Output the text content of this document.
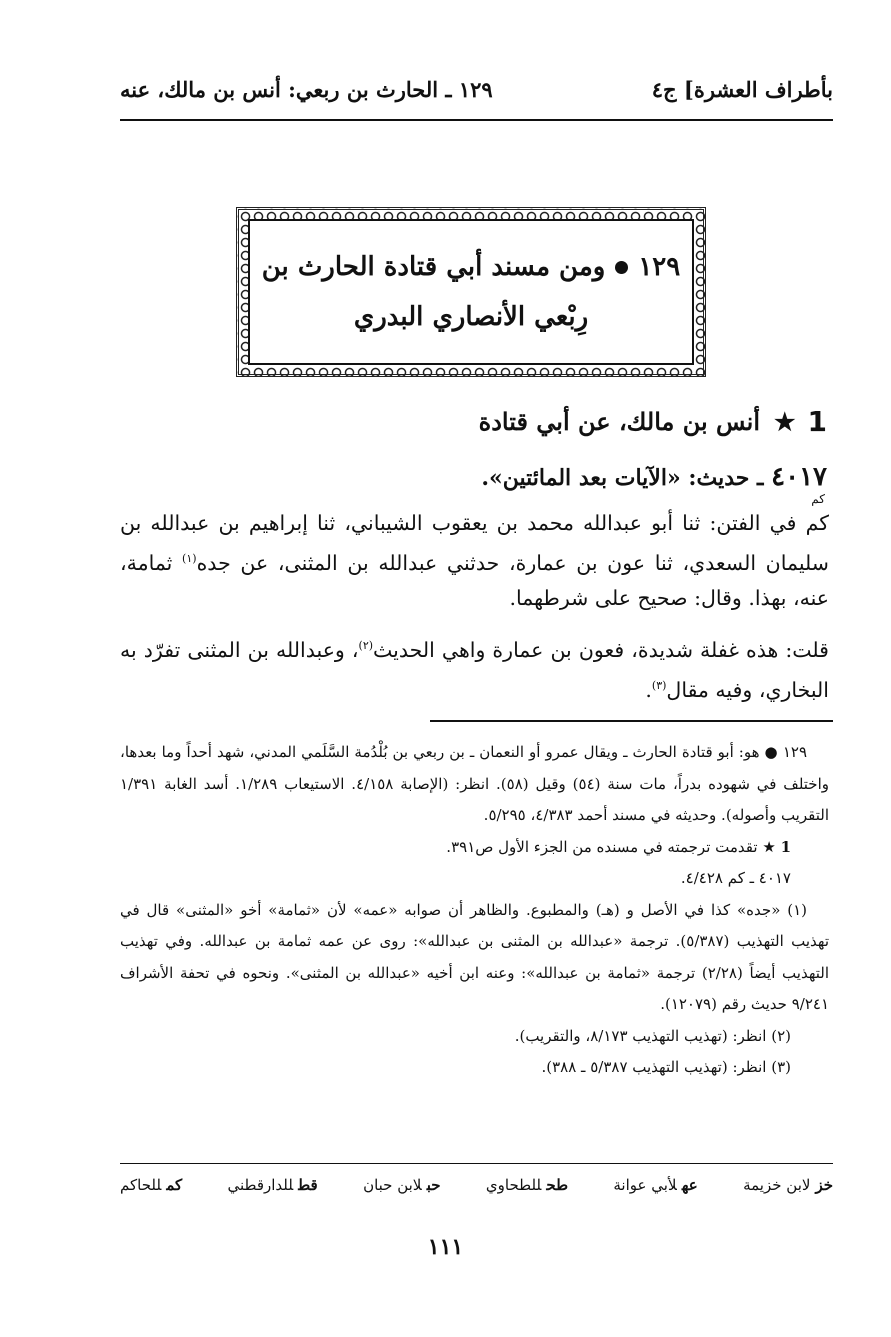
بأطراف العشرة] ج٤
١٢٩ ـ الحارث بن ربعي: أنس بن مالك، عنه
١٢٩
ومن مسند أبي قتادة الحارث بن
رِبْعي الأنصاري البدري
1
★
أنس بن مالك، عن أبي قتادة
٤٠١٧ ـ حديث: «الآيات بعد المائتين».
كم
كم في الفتن: ثنا أبو عبدالله محمد بن يعقوب الشيباني، ثنا إبراهيم بن عبدالله بن سليمان السعدي، ثنا عون بن عمارة، حدثني عبدالله بن المثنى، عن جده$^{(١)}$ ثمامة، عنه، بهذا. وقال: صحيح على شرطهما.
قلت: هذه غفلة شديدة، فعون بن عمارة واهي الحديث$^{(٢)}$، وعبدالله بن المثنى تفرّد به البخاري، وفيه مقال$^{(٣)}$.
١٢٩ ● هو: أبو قتادة الحارث ـ ويقال عمرو أو النعمان ـ بن ربعي بن بُلْدُمة السَّلَمي المدني، شهد أحداً وما بعدها، واختلف في شهوده بدراً، مات سنة (٥٤) وقيل (٥٨). انظر: (الإصابة ٤/١٥٨. الاستيعاب ١/٢٨٩. أسد الغابة ١/٣٩١ التقريب وأصوله). وحديثه في مسند أحمد ٤/٣٨٣، ٥/٢٩٥.
1 ★ تقدمت ترجمته في مسنده من الجزء الأول ص٣٩١.
٤٠١٧ ـ كم ٤/٤٢٨.
(١) «جده» كذا في الأصل و (هـ) والمطبوع. والظاهر أن صوابه «عمه» لأن «ثمامة» أخو «المثنى» قال في تهذيب التهذيب (٥/٣٨٧). ترجمة «عبدالله بن المثنى بن عبدالله»: روى عن عمه ثمامة بن عبدالله. وفي تهذيب التهذيب أيضاً (٢/٢٨) ترجمة «ثمامة بن عبدالله»: وعنه ابن أخيه «عبدالله بن المثنى». ونحوه في تحفة الأشراف ٩/٢٤١ حديث رقم (١٢٠٧٩).
(٢) انظر: (تهذيب التهذيب ٨/١٧٣، والتقريب).
(٣) انظر: (تهذيب التهذيب ٥/٣٨٧ ـ ٣٨٨).
خزلابن خزيمة
عهلأبي عوانة
طحللطحاوي
حبلابن حبان
قطللدارقطني
كمللحاكم
١١١
